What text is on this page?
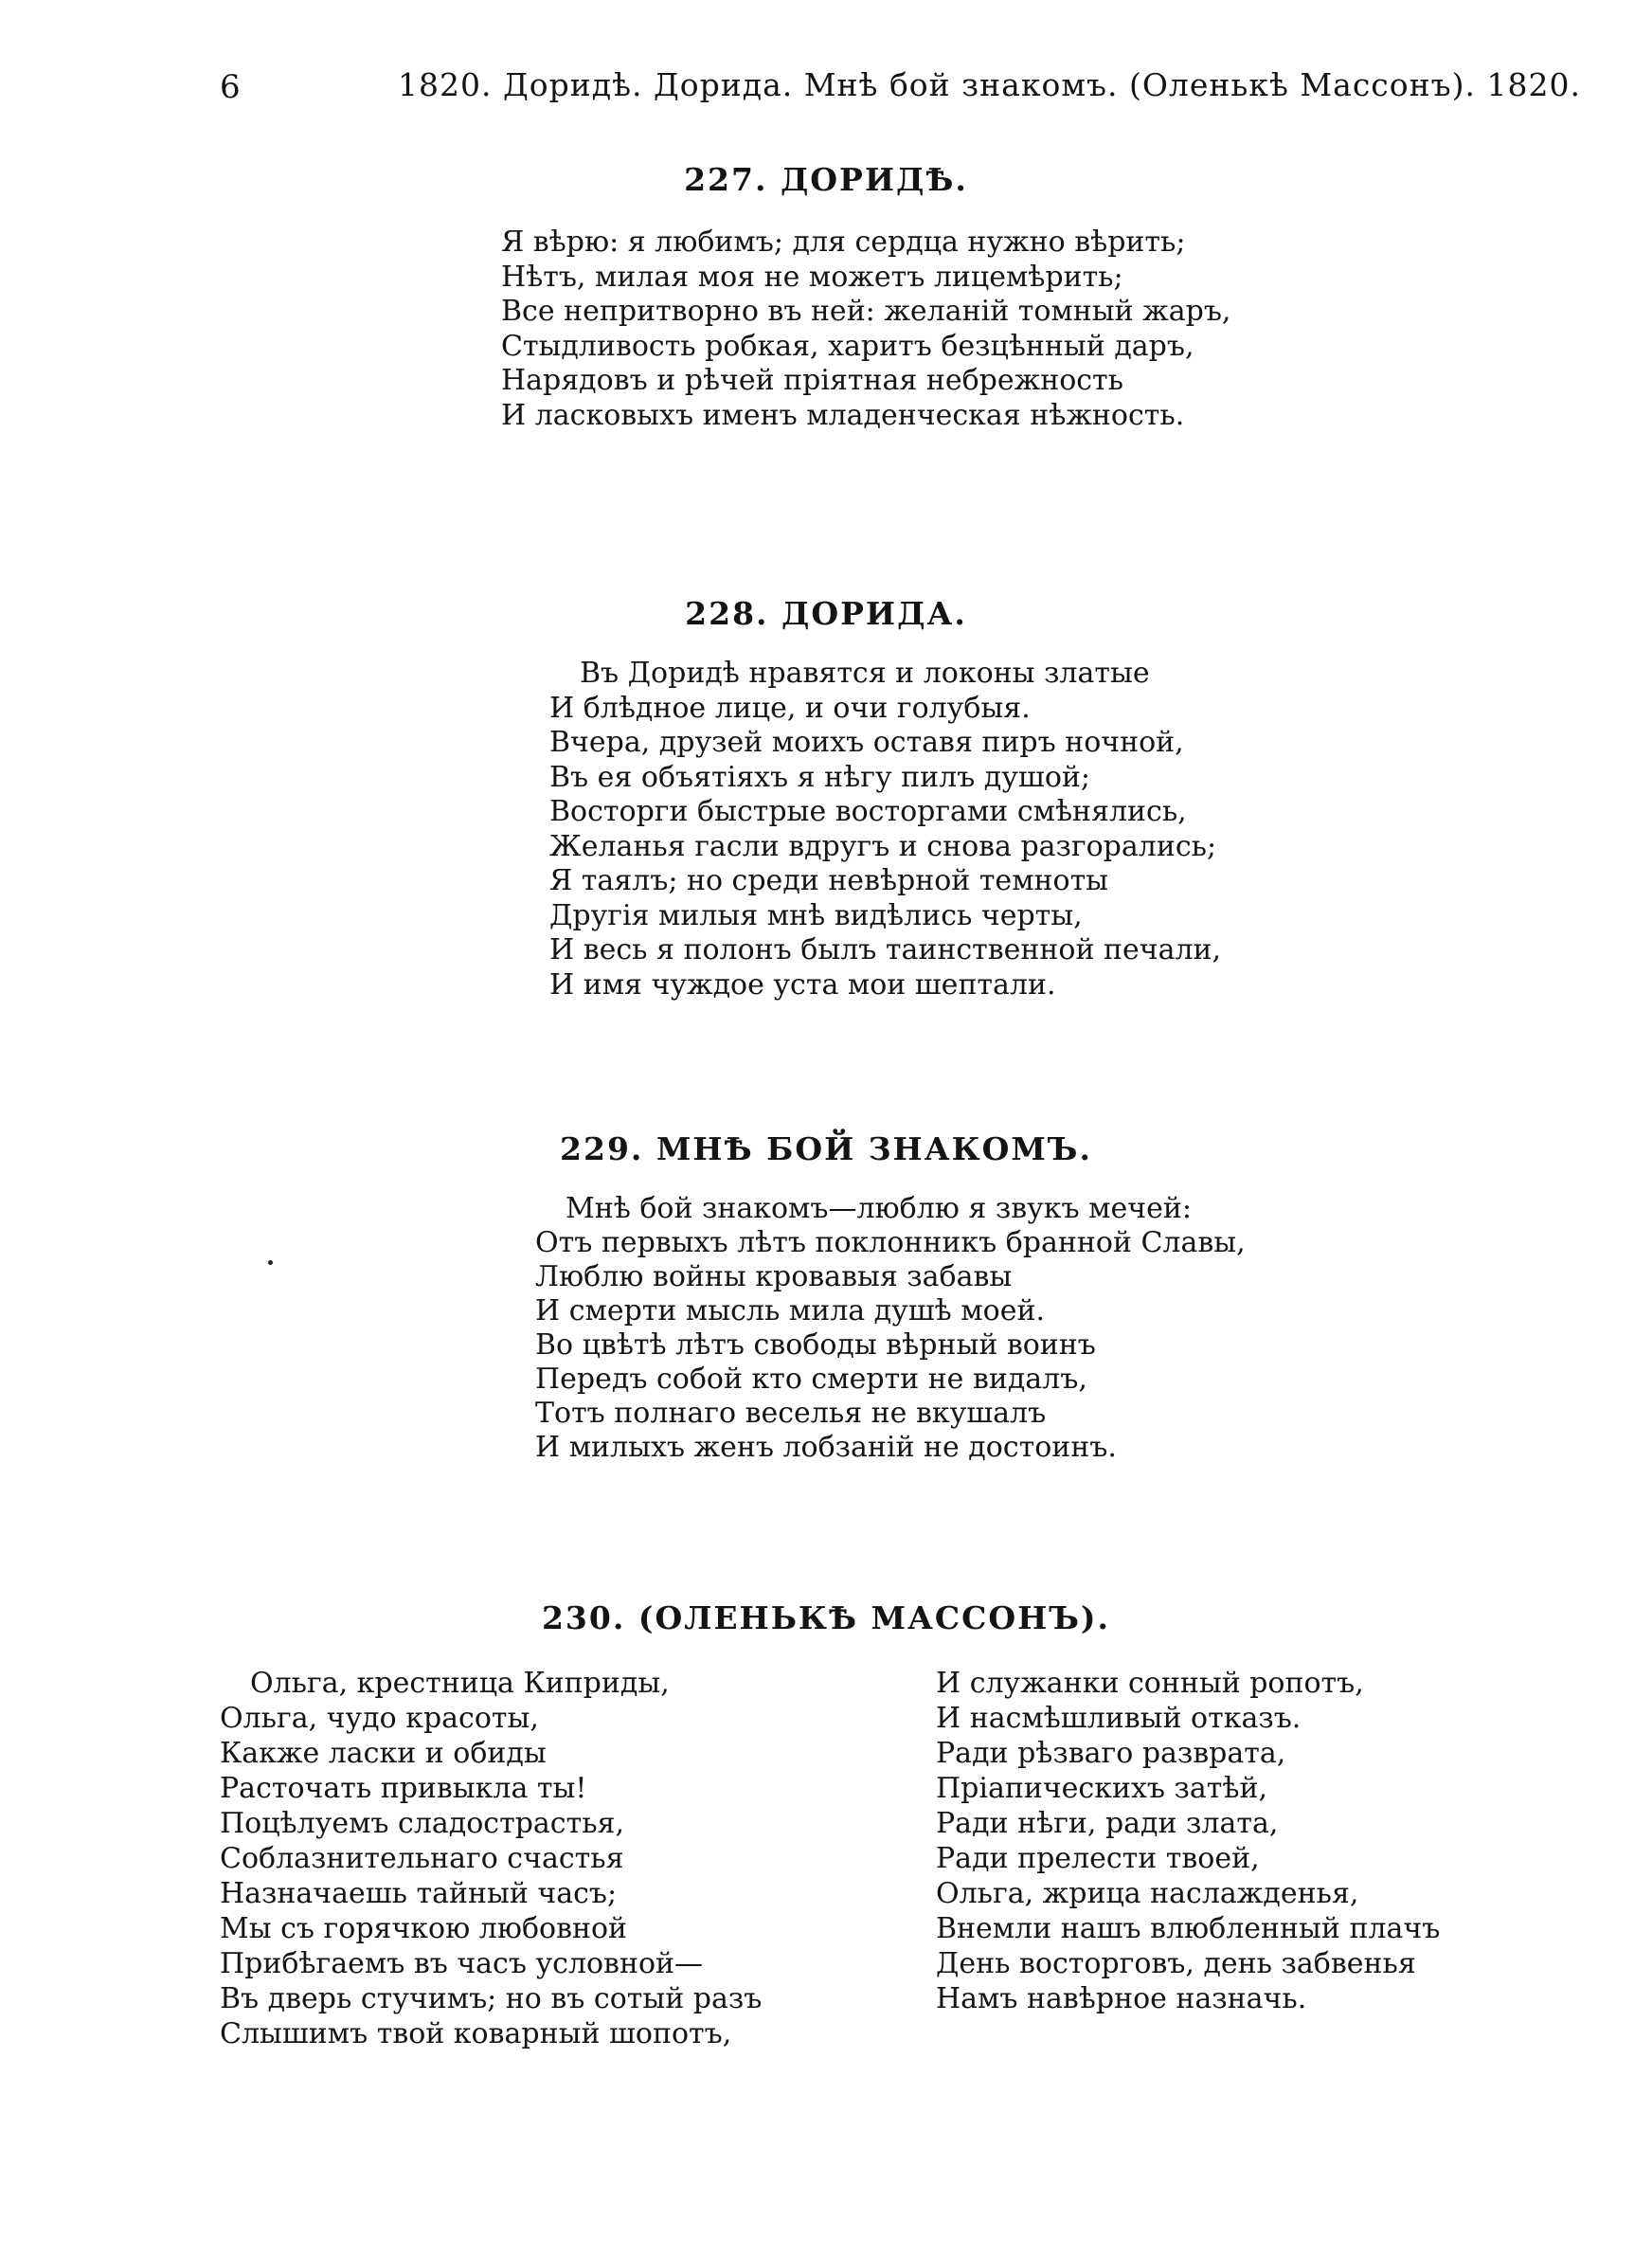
6	1820. Доридѣ. Дорида. Мнѣ бой знакомъ. (Оленькѣ Массонъ). 1820.
227. ДОРИДѢ.
Я вѣрю: я любимъ; для сердца нужно вѣрить;
Нѣтъ, милая моя не можетъ лицемѣрить;
Все непритворно въ ней: желаній томный жаръ,
Стыдливость робкая, харитъ безцѣнный даръ,
Нарядовъ и рѣчей пріятная небрежность
И ласковыхъ именъ младенческая нѣжность.
228. ДОРИДА.
Въ Доридѣ нравятся и локоны златые
И блѣдное лице, и очи голубыя.
Вчера, друзей моихъ оставя пиръ ночной,
Въ ея объятіяхъ я нѣгу пилъ душой;
Восторги быстрые восторгами смѣнялись,
Желанья гасли вдругъ и снова разгорались;
Я таялъ; но среди невѣрной темноты
Другія милыя мнѣ видѣлись черты,
И весь я полонъ былъ таинственной печали,
И имя чуждое уста мои шептали.
229. МНѢ БОЙ ЗНАКОМЪ.
Мнѣ бой знакомъ—люблю я звукъ мечей:
Отъ первыхъ лѣтъ поклонникъ бранной Славы,
Люблю войны кровавыя забавы
И смерти мысль мила душѣ моей.
Во цвѣтѣ лѣтъ свободы вѣрный воинъ
Передъ собой кто смерти не видалъ,
Тотъ полнаго веселья не вкушалъ
И милыхъ женъ лобзаній не достоинъ.
230. (ОЛЕНЬКѢ МАССОНЪ).
Ольга, крестница Киприды,
Ольга, чудо красоты,
Какже ласки и обиды
Расточать привыкла ты!
Поцѣлуемъ сладострастья,
Соблазнительнаго счастья
Назначаешь тайный часъ;
Мы съ горячкою любовной
Прибѣгаемъ въ часъ условной—
Въ дверь стучимъ; но въ сотый разъ
Слышимъ твой коварный шопотъ,
И служанки сонный ропотъ,
И насмѣшливый отказъ.
Ради рѣзваго разврата,
Пріапическихъ затѣй,
Ради нѣги, ради злата,
Ради прелести твоей,
Ольга, жрица наслажденья,
Внемли нашъ влюбленный плачъ
День восторговъ, день забвенья
Намъ навѣрное назначь.
